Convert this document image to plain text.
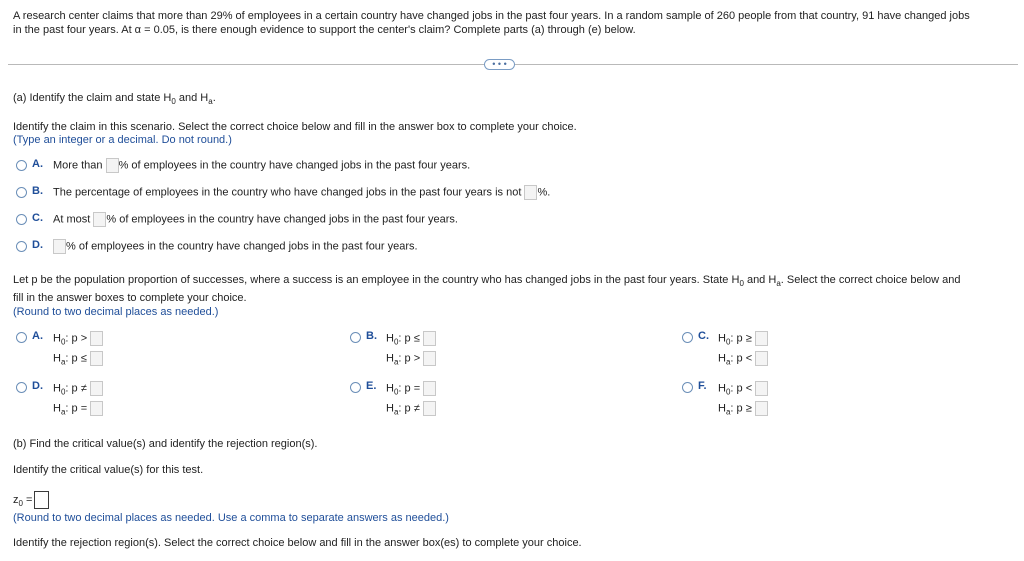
A research center claims that more than 29% of employees in a certain country have changed jobs in the past four years. In a random sample of 260 people from that country, 91 have changed jobs
in the past four years. At α = 0.05, is there enough evidence to support the center's claim? Complete parts (a) through (e) below.
• • •
(a) Identify the claim and state $H_0$ and $H_a$.
Identify the claim in this scenario. Select the correct choice below and fill in the answer box to complete your choice.
(Type an integer or a decimal. Do not round.)
A. More than % of employees in the country have changed jobs in the past four years.
B. The percentage of employees in the country who have changed jobs in the past four years is not %.
C. At most % of employees in the country have changed jobs in the past four years.
D.	% of employees in the country have changed jobs in the past four years.
Let p be the population proportion of successes, where a success is an employee in the country who has changed jobs in the past four years. State $H_0$ and $H_a$. Select the correct choice below and
fill in the answer boxes to complete your choice.
(Round to two decimal places as needed.)
A. $H_0$: p >
$H_a$: p ≤
B. $H_0$: p ≤
$H_a$: p >
C. $H_0$: p ≥
$H_a$: p <
D. $H_0$: p ≠
$H_a$: p =
E. $H_0$: p =
$H_a$: p ≠
F. $H_0$: p <
$H_a$: p ≥
(b) Find the critical value(s) and identify the rejection region(s).
Identify the critical value(s) for this test.
$z_0$ =
(Round to two decimal places as needed. Use a comma to separate answers as needed.)
Identify the rejection region(s). Select the correct choice below and fill in the answer box(es) to complete your choice.
